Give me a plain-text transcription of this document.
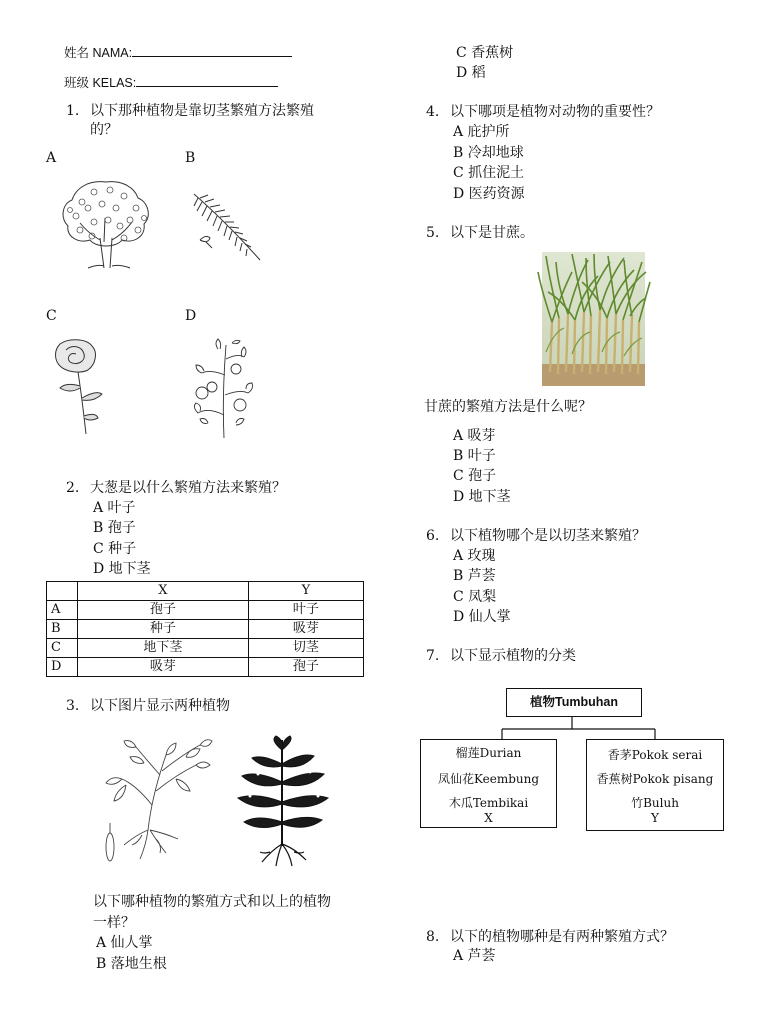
姓名 NAMA:
班级 KELAS:
1. 以下那种植物是靠切茎繁殖方法繁殖
的？
A	B
C	D
2. 大葱是以什么繁殖方法来繁殖？
A 叶子
B 孢子
C 种子
D 地下茎
	X	Y
A	孢子	叶子
B	种子	吸芽
C	地下茎	切茎
D	吸芽	孢子
3. 以下图片显示两种植物
以下哪种植物的繁殖方式和以上的植物
一样？
A 仙人掌
B 落地生根
C 香蕉树
D 稻
4. 以下哪项是植物对动物的重要性？
A 庇护所
B 冷却地球
C 抓住泥土
D 医药资源
5. 以下是甘蔗。
甘蔗的繁殖方法是什么呢？
A 吸芽
B 叶子
C 孢子
D 地下茎
6. 以下植物哪个是以切茎来繁殖？
A 玫瑰
B 芦荟
C 凤梨
D 仙人掌
7. 以下显示植物的分类
植物Tumbuhan
榴莲Durian
凤仙花Keembung
木瓜Tembikai
X
香茅Pokok serai
香蕉树Pokok pisang
竹Buluh
Y
8. 以下的植物哪种是有两种繁殖方式？
A 芦荟
